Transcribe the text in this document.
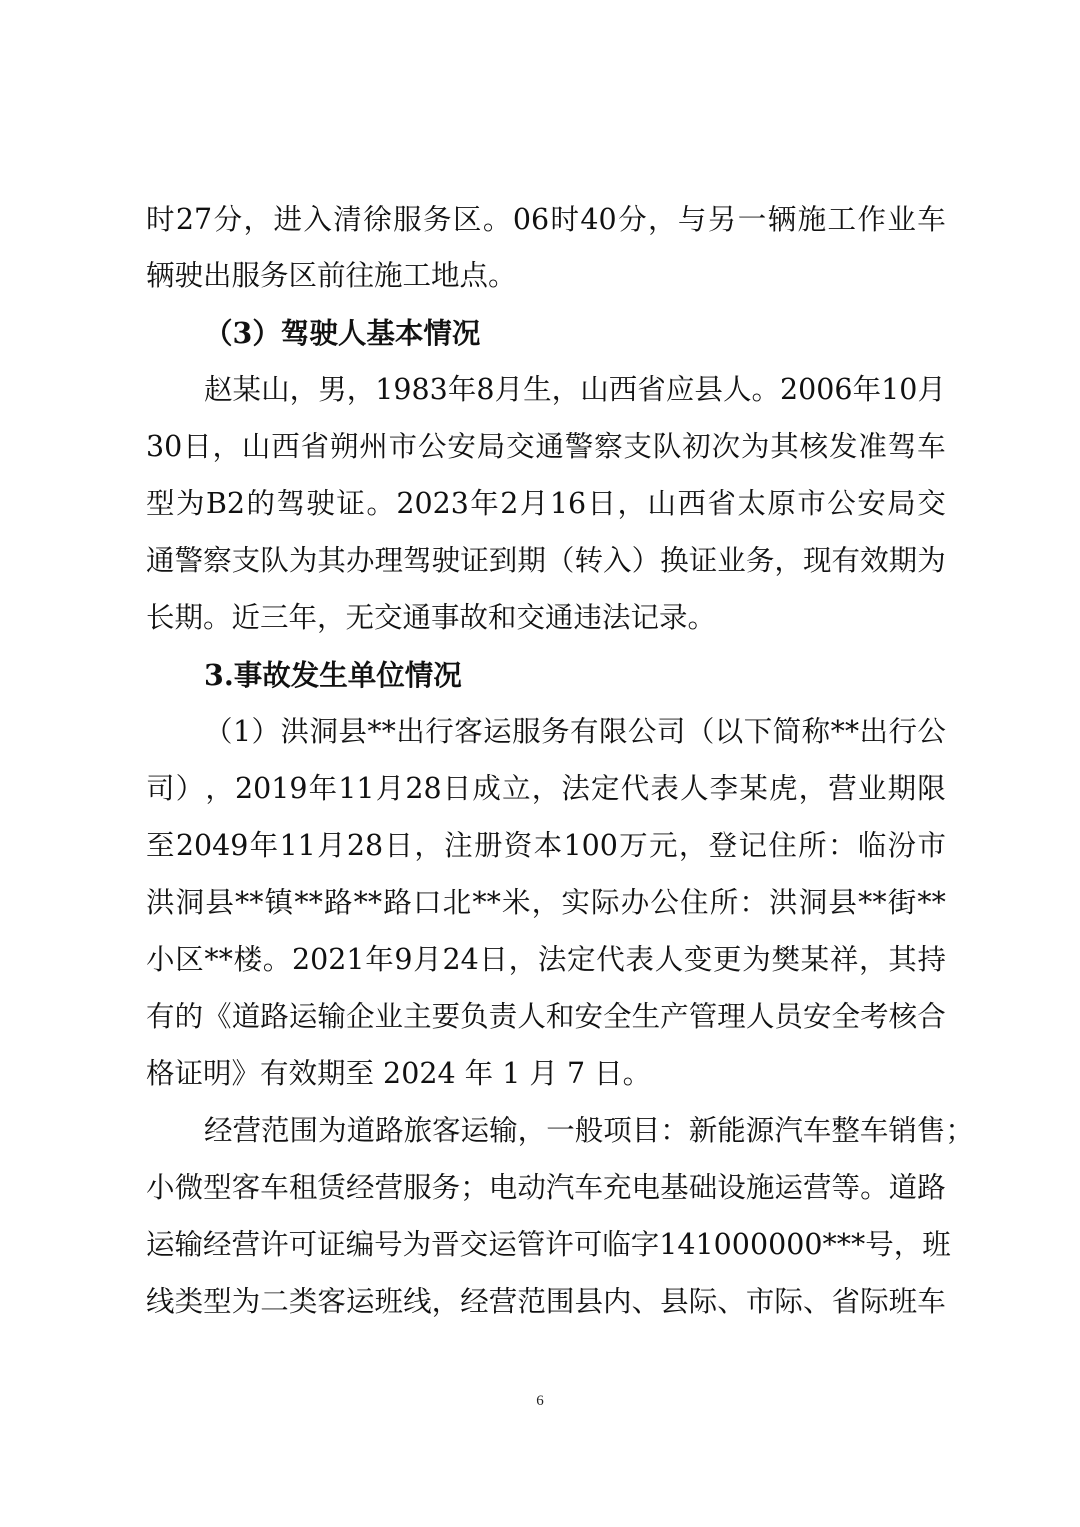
时 27 分 ， 进 入 清 徐 服 务 区 。 06 时 40 分 ， 与 另 一 辆 施 工 作 业 车
辆驶出服务区前往施工地点。
（3）驾驶人基本情况
赵 某 山 ， 男 ， 1983 年 8 月 生 ， 山 西 省 应 县 人 。 2006 年 10 月
30 日 ， 山 西 省 朔 州 市 公 安 局 交 通 警 察 支 队 初 次 为 其 核 发 准 驾 车
型 为 B2 的 驾 驶 证 。 2023 年 2 月 16 日 ， 山 西 省 太 原 市 公 安 局 交
通 警 察 支 队 为 其 办 理 驾 驶 证 到 期 （ 转 入 ） 换 证 业 务 ， 现 有 效 期 为
长期。近三年，无交通事故和交通违法记录。
3.事故发生单位情况
（ 1 ） 洪 洞 县 ** 出 行 客 运 服 务 有 限 公 司 （ 以 下 简 称 ** 出 行 公
司 ） ， 2019 年 11 月 28 日 成 立 ， 法 定 代 表 人 李 某 虎 ， 营 业 期 限
至 2049 年 11 月 28 日 ， 注 册 资 本 100 万 元 ， 登 记 住 所 ： 临 汾 市
洪 洞 县 ** 镇 ** 路 ** 路 口 北 ** 米 ， 实 际 办 公 住 所 ： 洪 洞 县 ** 街 **
小 区 ** 楼 。 2021 年 9 月 24 日 ， 法 定 代 表 人 变 更 为 樊 某 祥 ， 其 持
有 的 《 道 路 运 输 企 业 主 要 负 责 人 和 安 全 生 产 管 理 人 员 安 全 考 核 合
格证明》有效期至 2024 年 1 月 7 日。
经 营 范 围 为 道 路 旅 客 运 输 ， 一 般 项 目 ： 新 能 源 汽 车 整 车 销 售 ；
小 微 型 客 车 租 赁 经 营 服 务 ； 电 动 汽 车 充 电 基 础 设 施 运 营 等 。 道 路
运 输 经 营 许 可 证 编 号 为 晋 交 运 管 许 可 临 字 141000000*** 号 ， 班
线 类 型 为 二 类 客 运 班 线 ， 经 营 范 围 县 内 、 县 际 、 市 际 、 省 际 班 车
6
